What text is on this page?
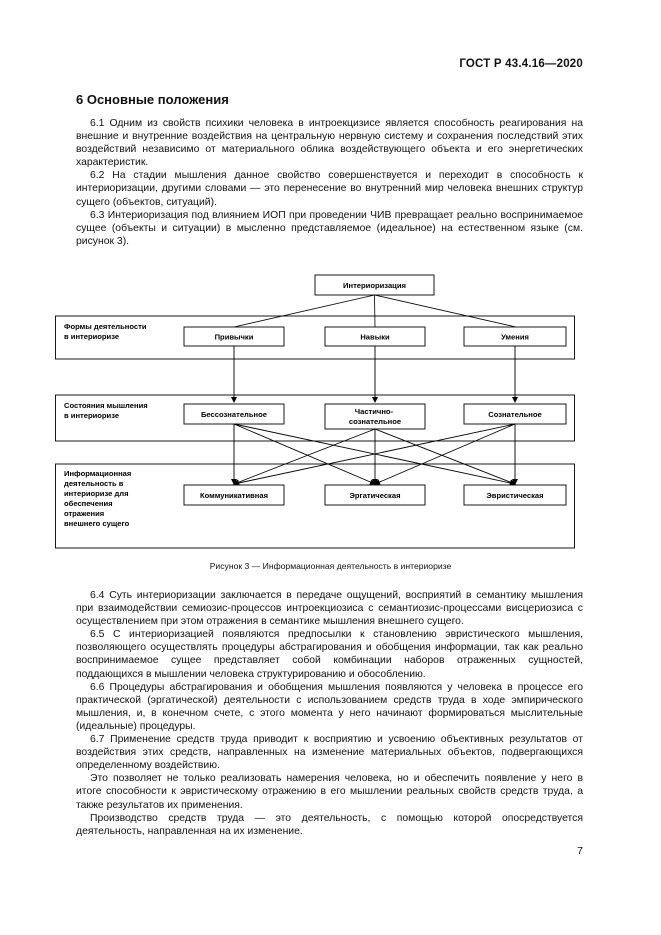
ГОСТ Р 43.4.16—2020
6 Основные положения

6.1 Одним из свойств психики человека в интроекцизисе является способность реагирования на внешние и внутренние воздействия на центральную нервную систему и сохранения последствий этих воздействий независимо от материального облика воздействующего объекта и его энергетических характеристик.

6.2 На стадии мышления данное свойство совершенствуется и переходит в способность к интериоризации, другими словами — это перенесение во внутренний мир человека внешних структур сущего (объектов, ситуаций).

6.3 Интериоризация под влиянием ИОП при проведении ЧИВ превращает реально воспринимаемое сущее (объекты и ситуации) в мысленно представляемое (идеальное) на естественном языке (см. рисунок 3).

Интериоризация
Формы деятельности в интериоризе
Состояния мышления в интериоризе
Информационная деятельность в интериоризе для обеспечения отражения внешнего сущего
Привычки	Навыки	Умения
Бессознательное	Частично- сознательное
Сознательное
Коммуникативная	Эргатическая	Эвристическая
Рисунок 3 — Информационная деятельность в интериоризе

6.4 Суть интериоризации заключается в передаче ощущений, восприятий в семантику мышления при взаимодействии семиозис-процессов интроекциозиса с семантиозис-процессами висцериозиса с осуществлением при этом отражения в семантике мышления внешнего сущего.

6.5 С интериоризацией появляются предпосылки к становлению эвристического мышления, позволяющего осуществлять процедуры абстрагирования и обобщения информации, так как реально воспринимаемое сущее представляет собой комбинации наборов отраженных сущностей, поддающихся в мышлении человека структурированию и обособлению.

6.6 Процедуры абстрагирования и обобщения мышления появляются у человека в процессе его практической (эргатической) деятельности с использованием средств труда в ходе эмпирического мышления, и, в конечном счете, с этого момента у него начинают формироваться мыслительные (идеальные) процедуры.

6.7 Применение средств труда приводит к восприятию и усвоению объективных результатов от воздействия этих средств, направленных на изменение материальных объектов, подвергающихся определенному воздействию.

Это позволяет не только реализовать намерения человека, но и обеспечить появление у него в итоге способности к эвристическому отражению в его мышлении реальных свойств средств труда, а также результатов их применения.

Производство средств труда — это деятельность, с помощью которой опосредствуется деятельность, направленная на их изменение.

7
